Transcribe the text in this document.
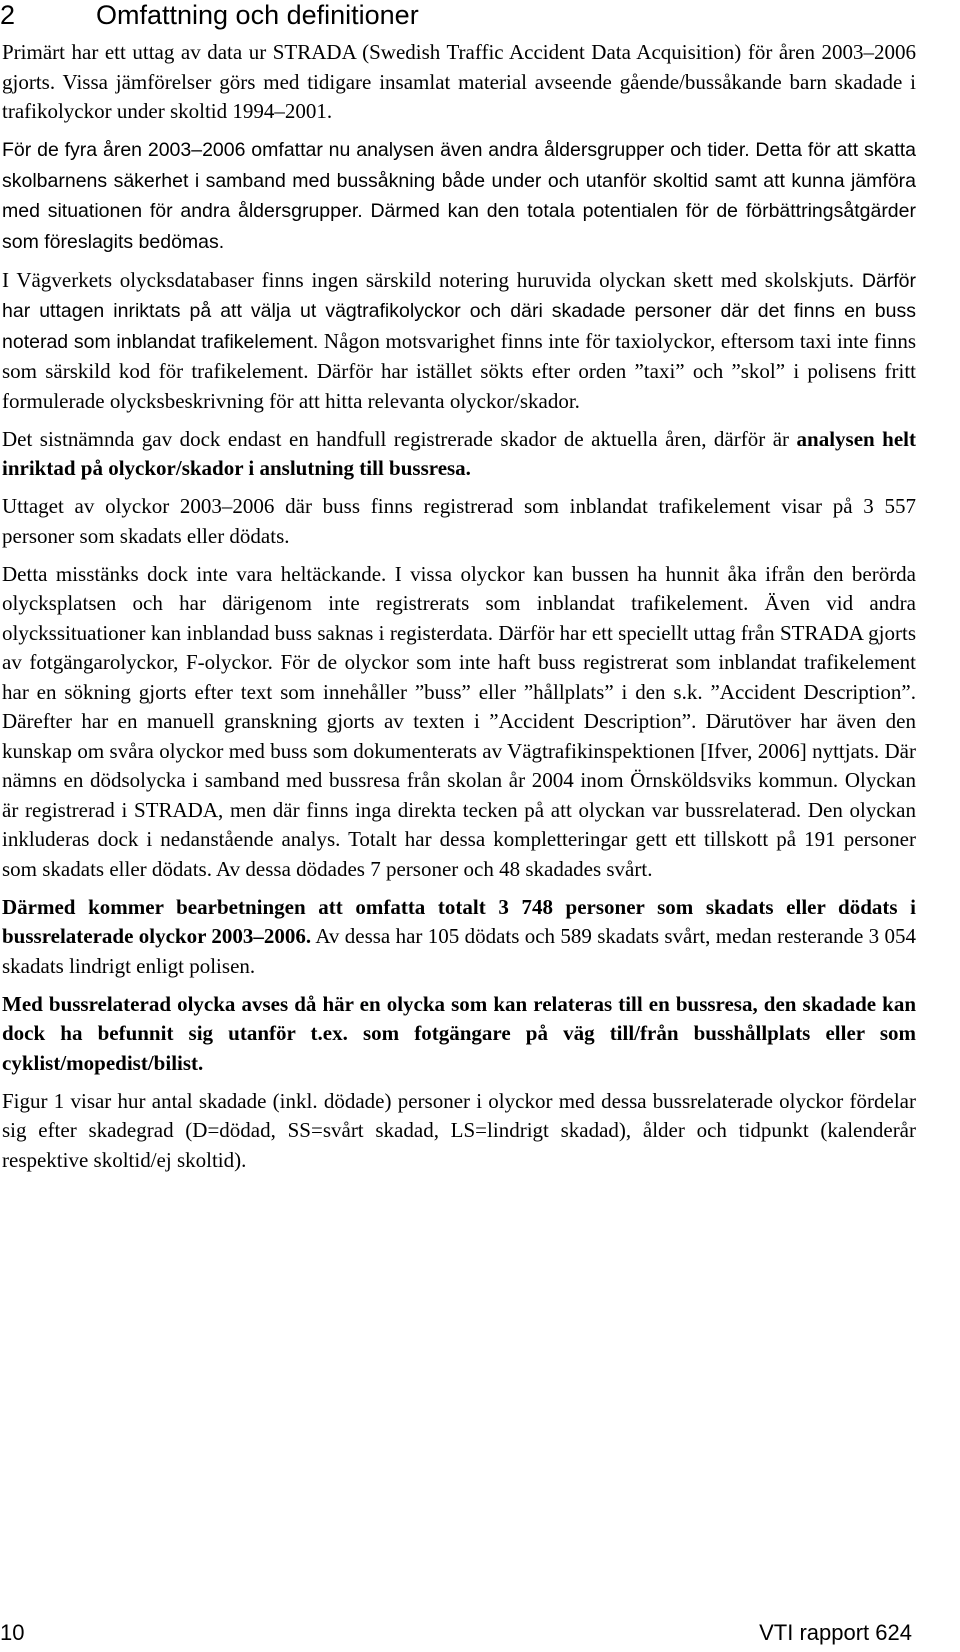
2	Omfattning och definitioner

Primärt har ett uttag av data ur STRADA (Swedish Traffic Accident Data Acquisition) för åren 2003–2006 gjorts. Vissa jämförelser görs med tidigare insamlat material avseende gående/bussåkande barn skadade i trafikolyckor under skoltid 1994–2001.

För de fyra åren 2003–2006 omfattar nu analysen även andra åldersgrupper och tider. Detta för att skatta skolbarnens säkerhet i samband med bussåkning både under och utanför skoltid samt att kunna jämföra med situationen för andra åldersgrupper. Därmed kan den totala potentialen för de förbättringsåtgärder som föreslagits bedömas.

I Vägverkets olycksdatabaser finns ingen särskild notering huruvida olyckan skett med skolskjuts. Därför har uttagen inriktats på att välja ut vägtrafikolyckor och däri skadade personer där det finns en buss noterad som inblandat trafikelement. Någon motsvarighet finns inte för taxiolyckor, eftersom taxi inte finns som särskild kod för trafikelement. Därför har istället sökts efter orden ”taxi” och ”skol” i polisens fritt formulerade olycksbeskrivning för att hitta relevanta olyckor/skador.

Det sistnämnda gav dock endast en handfull registrerade skador de aktuella åren, därför är analysen helt inriktad på olyckor/skador i anslutning till bussresa.

Uttaget av olyckor 2003–2006 där buss finns registrerad som inblandat trafikelement visar på 3 557 personer som skadats eller dödats.

Detta misstänks dock inte vara heltäckande. I vissa olyckor kan bussen ha hunnit åka ifrån den berörda olycksplatsen och har därigenom inte registrerats som inblandat trafikelement. Även vid andra olyckssituationer kan inblandad buss saknas i registerdata. Därför har ett speciellt uttag från STRADA gjorts av fotgängarolyckor, F-olyckor. För de olyckor som inte haft buss registrerat som inblandat trafikelement har en sökning gjorts efter text som innehåller ”buss” eller ”hållplats” i den s.k. ”Accident Description”. Därefter har en manuell granskning gjorts av texten i ”Accident Description”. Därutöver har även den kunskap om svåra olyckor med buss som dokumenterats av Vägtrafikinspektionen [Ifver, 2006] nyttjats. Där nämns en dödsolycka i samband med bussresa från skolan år 2004 inom Örnsköldsviks kommun. Olyckan är registrerad i STRADA, men där finns inga direkta tecken på att olyckan var bussrelaterad. Den olyckan inkluderas dock i nedanstående analys. Totalt har dessa kompletteringar gett ett tillskott på 191 personer som skadats eller dödats. Av dessa dödades 7 personer och 48 skadades svårt.

Därmed kommer bearbetningen att omfatta totalt 3 748 personer som skadats eller dödats i bussrelaterade olyckor 2003–2006. Av dessa har 105 dödats och 589 skadats svårt, medan resterande 3 054 skadats lindrigt enligt polisen.

Med bussrelaterad olycka avses då här en olycka som kan relateras till en bussresa, den skadade kan dock ha befunnit sig utanför t.ex. som fotgängare på väg till/från busshållplats eller som cyklist/mopedist/bilist.

Figur 1 visar hur antal skadade (inkl. dödade) personer i olyckor med dessa bussrelaterade olyckor fördelar sig efter skadegrad (D=dödad, SS=svårt skadad, LS=lindrigt skadad), ålder och tidpunkt (kalenderår respektive skoltid/ej skoltid).

10	VTI rapport 624
